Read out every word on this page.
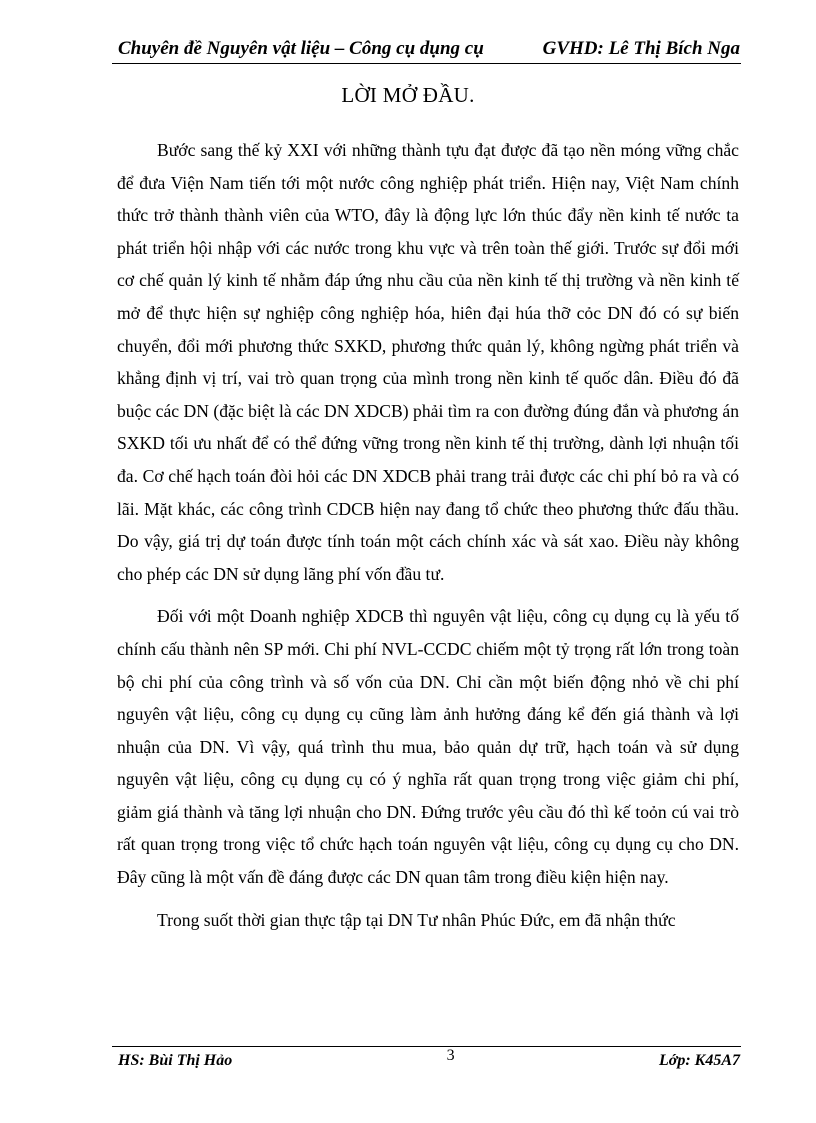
Chuyên đề Nguyên vật liệu – Công cụ dụng cụ	GVHD: Lê Thị Bích Nga
LỜI MỞ ĐẦU.

Bước sang thế kỷ XXI với những thành tựu đạt được đã tạo nền móng vững chắc để đưa Viện Nam tiến tới một nước công nghiệp phát triển. Hiện nay, Việt Nam chính thức trở thành thành viên của WTO, đây là động lực lớn thúc đẩy nền kinh tế nước ta phát triển hội nhập với các nước trong khu vực và trên toàn thế giới. Trước sự đổi mới cơ chế quản lý kinh tế nhằm đáp ứng nhu cầu của nền kinh tế thị trường và nền kinh tế mở để thực hiện sự nghiệp công nghiệp hóa, hiên đại húa thỡ cỏc DN đó có sự biến chuyển, đổi mới phương thức SXKD, phương thức quản lý, không ngừng phát triển và khẳng định vị trí, vai trò quan trọng của mình trong nền kinh tế quốc dân. Điều đó đã buộc các DN (đặc biệt là các DN XDCB) phải tìm ra con đường đúng đắn và phương án SXKD tối ưu nhất để có thể đứng vững trong nền kinh tế thị trường, dành lợi nhuận tối đa. Cơ chế hạch toán đòi hỏi các DN XDCB phải trang trải được các chi phí bỏ ra và có lãi. Mặt khác, các công trình CDCB hiện nay đang tổ chức theo phương thức đấu thầu. Do vậy, giá trị dự toán được tính toán một cách chính xác và sát xao. Điều này không cho phép các DN sử dụng lãng phí vốn đầu tư.

Đối với một Doanh nghiệp XDCB thì nguyên vật liệu, công cụ dụng cụ là yếu tố chính cấu thành nên SP mới. Chi phí NVL-CCDC chiếm một tỷ trọng rất lớn trong toàn bộ chi phí của công trình và số vốn của DN. Chỉ cần một biến động nhỏ về chi phí nguyên vật liệu, công cụ dụng cụ cũng làm ảnh hưởng đáng kể đến giá thành và lợi nhuận của DN. Vì vậy, quá trình thu mua, bảo quản dự trữ, hạch toán và sử dụng nguyên vật liệu, công cụ dụng cụ có ý nghĩa rất quan trọng trong việc giảm chi phí, giảm giá thành và tăng lợi nhuận cho DN. Đứng trước yêu cầu đó thì kế toỏn cú vai trò rất quan trọng trong việc tổ chức hạch toán nguyên vật liệu, công cụ dụng cụ cho DN. Đây cũng là một vấn đề đáng được các DN quan tâm trong điều kiện hiện nay.

Trong suốt thời gian thực tập tại DN Tư nhân Phúc Đức, em đã nhận thức

HS: Bùi Thị Hảo	3	Lớp: K45A7
